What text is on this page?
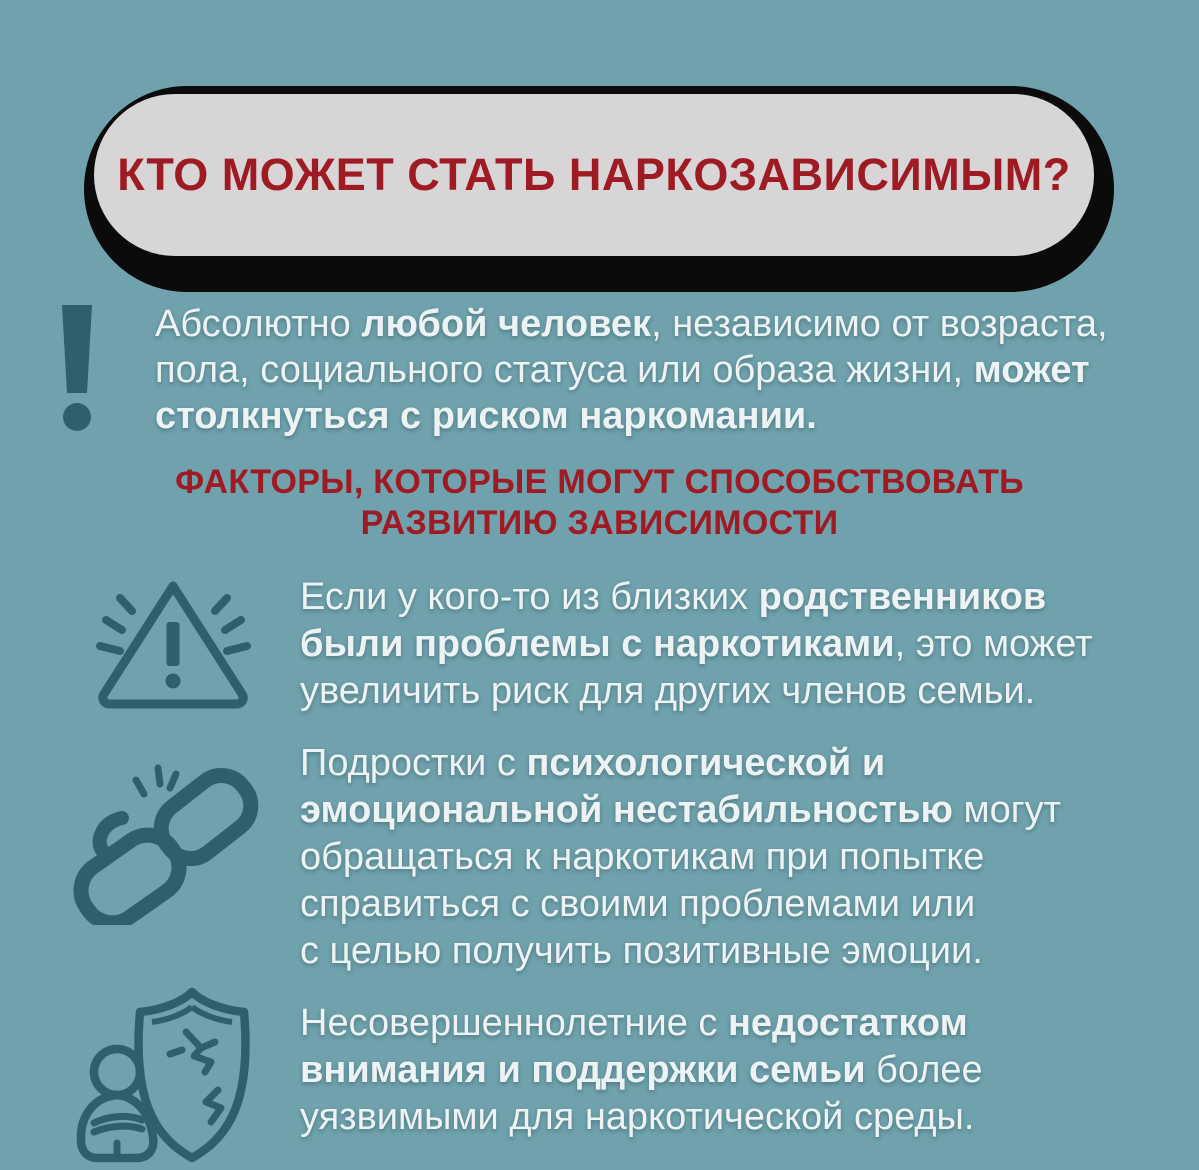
КТО МОЖЕТ СТАТЬ НАРКОЗАВИСИМЫМ?
Абсолютно любой человек, независимо от возраста,
пола, социального статуса или образа жизни, может
столкнуться с риском наркомании.
ФАКТОРЫ, КОТОРЫЕ МОГУТ СПОСОБСТВОВАТЬ
РАЗВИТИЮ ЗАВИСИМОСТИ
Если у кого-то из близких родственников
были проблемы с наркотиками, это может
увеличить риск для других членов семьи.
Подростки с психологической и
эмоциональной нестабильностью могут
обращаться к наркотикам при попытке
справиться с своими проблемами или
с целью получить позитивные эмоции.
Несовершеннолетние с недостатком
внимания и поддержки семьи более
уязвимыми для наркотической среды.
